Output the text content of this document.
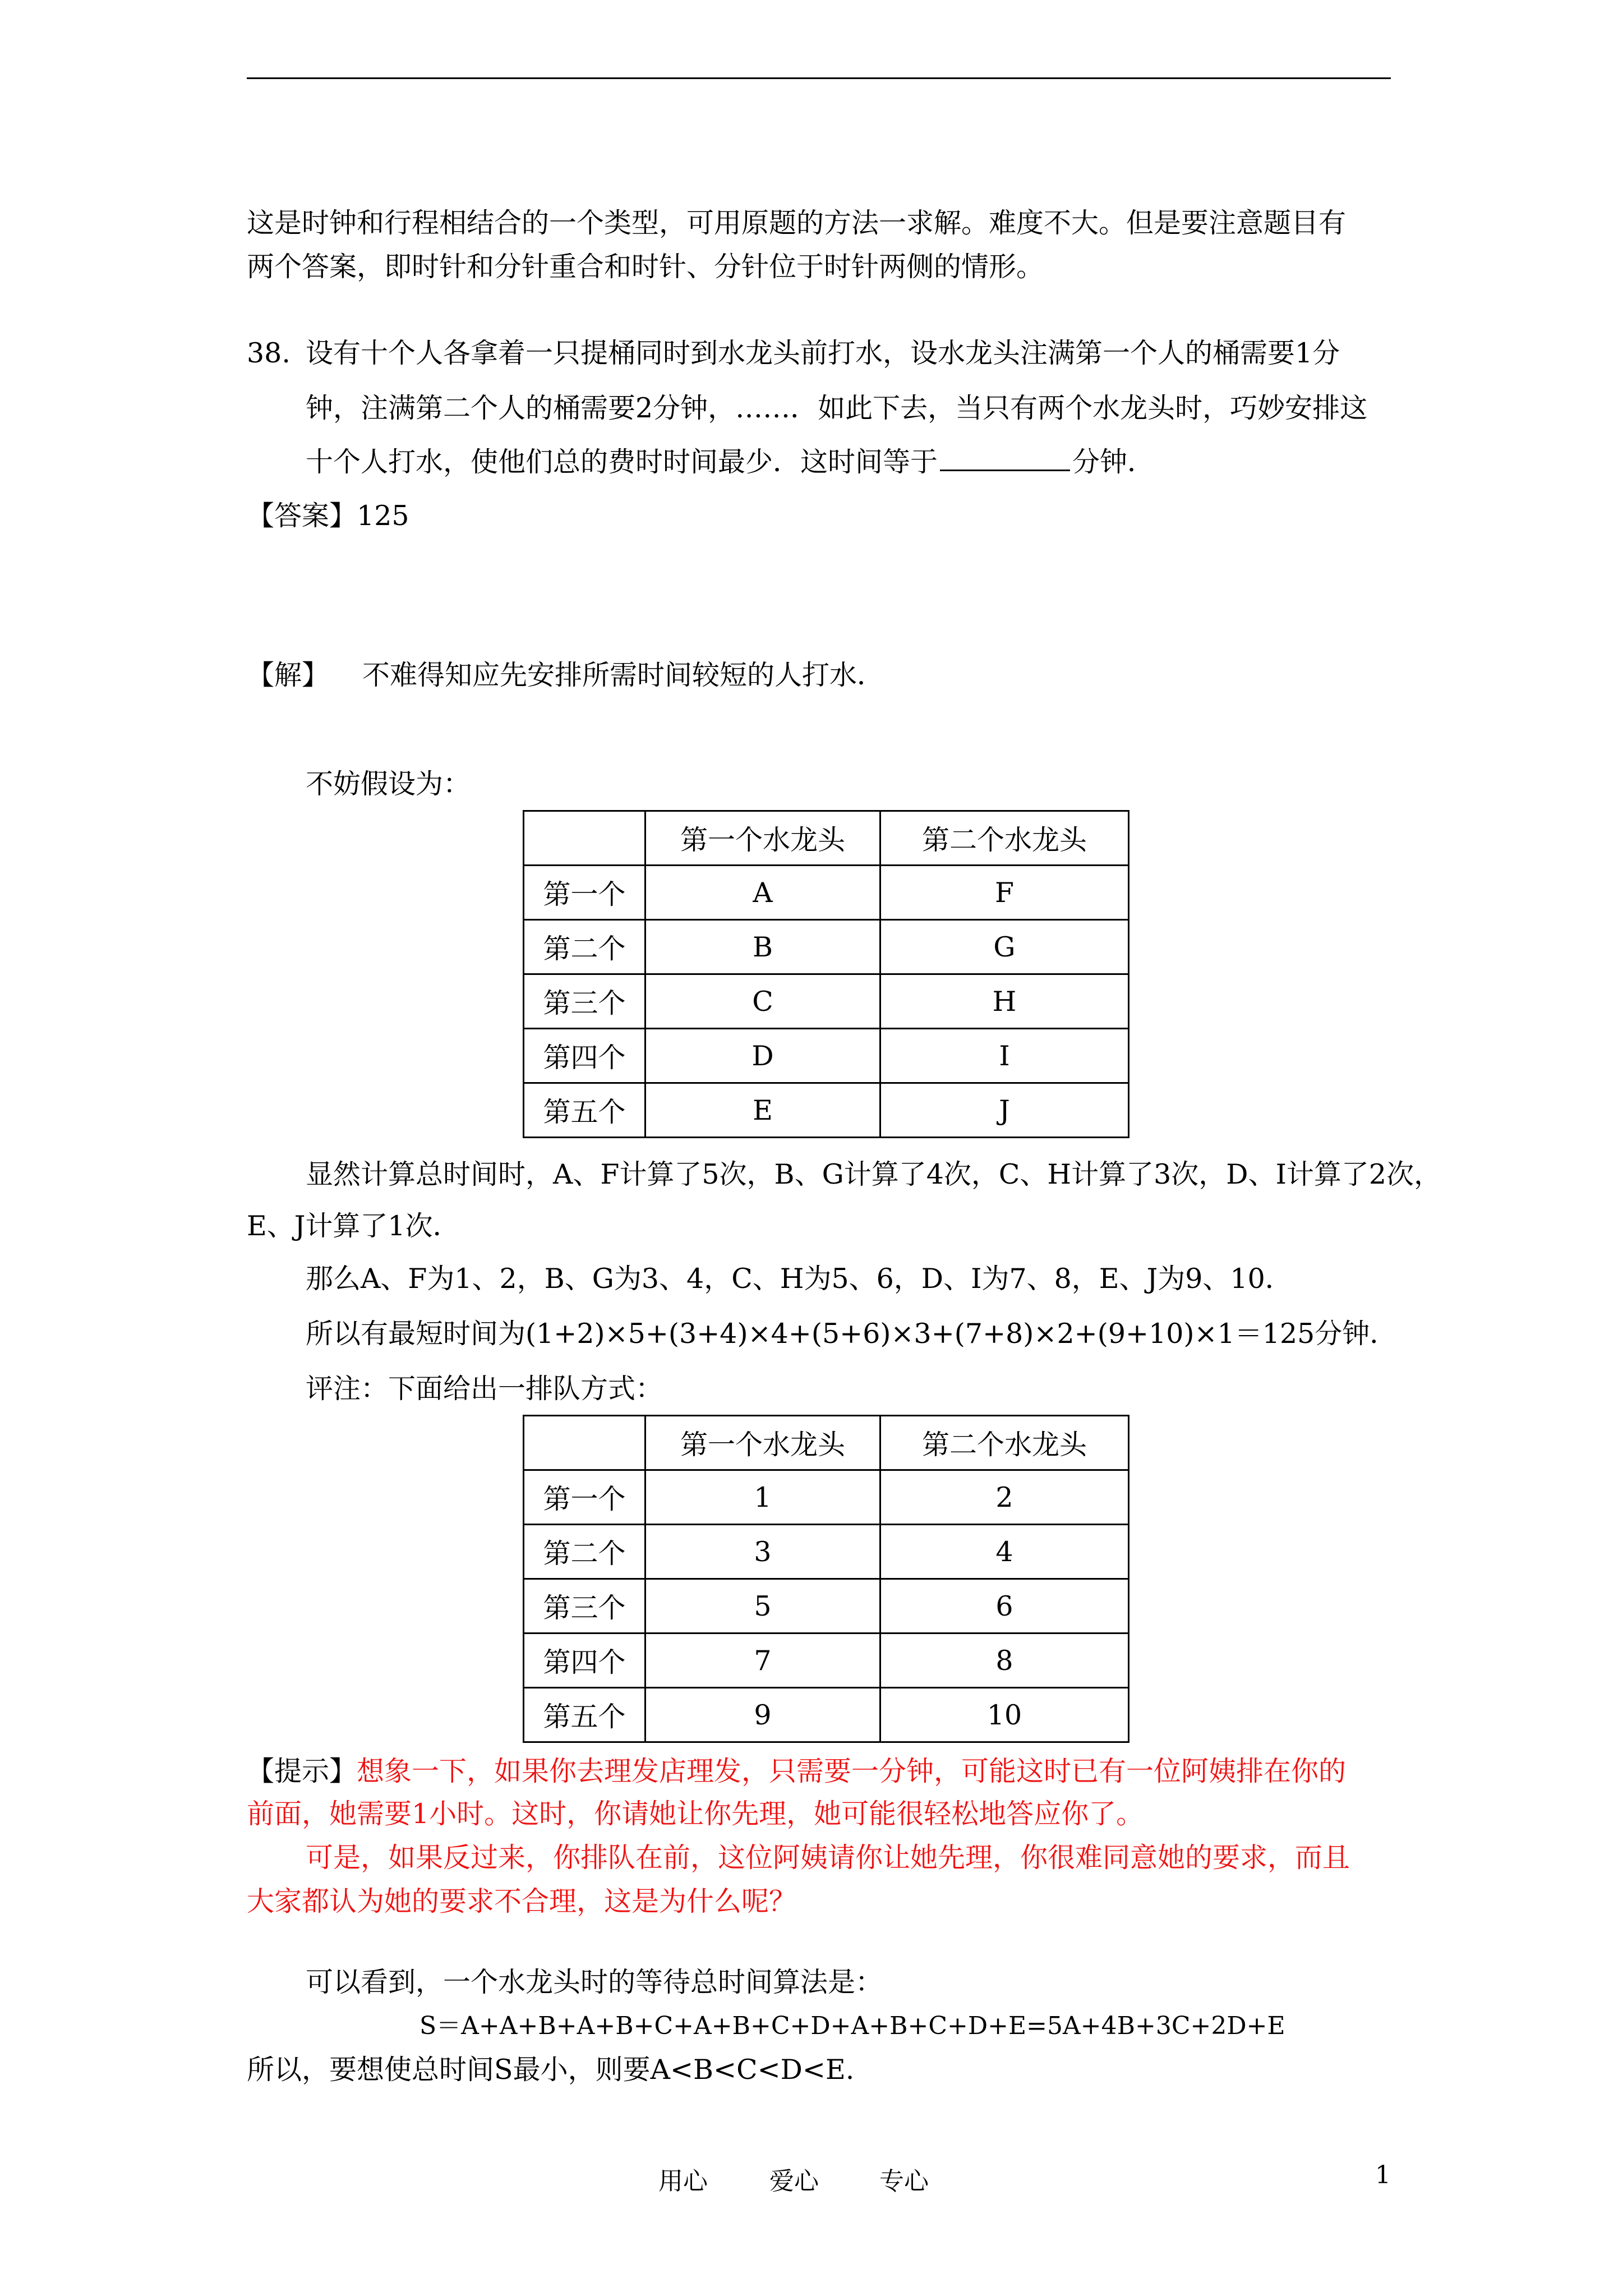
这是时钟和行程相结合的一个类型，可用原题的方法一求解。难度不大。但是要注意题目有
两个答案，即时针和分针重合和时针、分针位于时针两侧的情形。
38. 设有十个人各拿着一只提桶同时到水龙头前打水，设水龙头注满第一个人的桶需要1分
钟，注满第二个人的桶需要2分钟，……．如此下去，当只有两个水龙头时，巧妙安排这
十个人打水，使他们总的费时时间最少．这时间等于	分钟．
【答案】125
【解】 不难得知应先安排所需时间较短的人打水．
不妨假设为：
	第一个水龙头	第二个水龙头
第一个	A	F
第二个	B	G
第三个	C	H
第四个	D	I
第五个	E	J
显然计算总时间时，A、F计算了5次，B、G计算了4次，C、H计算了3次，D、I计算了2次，
E、J计算了1次．
那么A、F为1、2，B、G为3、4，C、H为5、6，D、I为7、8，E、J为9、10．
所以有最短时间为(1+2)×5+(3+4)×4+(5+6)×3+(7+8)×2+(9+10)×1＝125分钟．
评注：下面给出一排队方式：
	第一个水龙头	第二个水龙头
第一个	1	2
第二个	3	4
第三个	5	6
第四个	7	8
第五个	9	10
【提示】想象一下，如果你去理发店理发，只需要一分钟，可能这时已有一位阿姨排在你的
前面，她需要1小时。这时，你请她让你先理，她可能很轻松地答应你了。
可是，如果反过来，你排队在前，这位阿姨请你让她先理，你很难同意她的要求，而且
大家都认为她的要求不合理，这是为什么呢？
可以看到，一个水龙头时的等待总时间算法是：
S＝A+A+B+A+B+C+A+B+C+D+A+B+C+D+E=5A+4B+3C+2D+E
所以，要想使总时间S最小，则要A<B<C<D<E.
用心	爱心 专心	1
